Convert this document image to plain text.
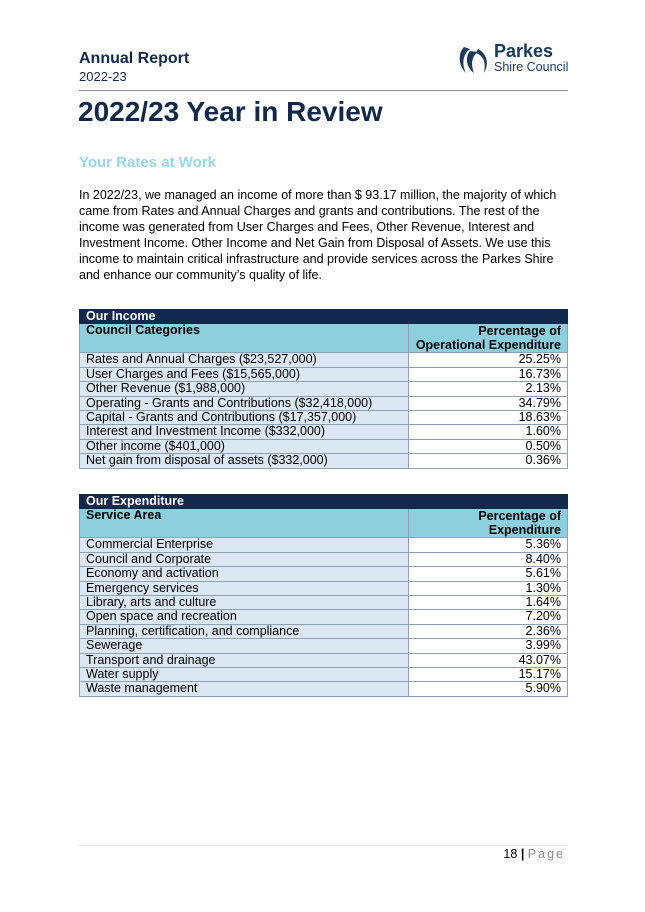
Annual Report
2022-23
Parkes
Shire Council
2022/23 Year in Review
Your Rates at Work

In 2022/23, we managed an income of more than $ 93.17 million, the majority of which came from Rates and Annual Charges and grants and contributions. The rest of the income was generated from User Charges and Fees, Other Revenue, Interest and Investment Income. Other Income and Net Gain from Disposal of Assets. We use this income to maintain critical infrastructure and provide services across the Parkes Shire and enhance our community’s quality of life.

Our Income	
Council Categories	Percentage of
Operational Expenditure
Rates and Annual Charges ($23,527,000)	25.25%
User Charges and Fees ($15,565,000)	16.73%
Other Revenue ($1,988,000)	2.13%
Operating - Grants and Contributions ($32,418,000)	34.79%
Capital - Grants and Contributions ($17,357,000)	18.63%
Interest and Investment Income ($332,000)	1.60%
Other income ($401,000)	0.50%
Net gain from disposal of assets ($332,000)	0.36%
Our Expenditure	
Service Area	Percentage of
Expenditure
Commercial Enterprise	5.36%
Council and Corporate	8.40%
Economy and activation	5.61%
Emergency services	1.30%
Library, arts and culture	1.64%
Open space and recreation	7.20%
Planning, certification, and compliance	2.36%
Sewerage	3.99%
Transport and drainage	43.07%
Water supply	15.17%
Waste management	5.90%
18 | Page
